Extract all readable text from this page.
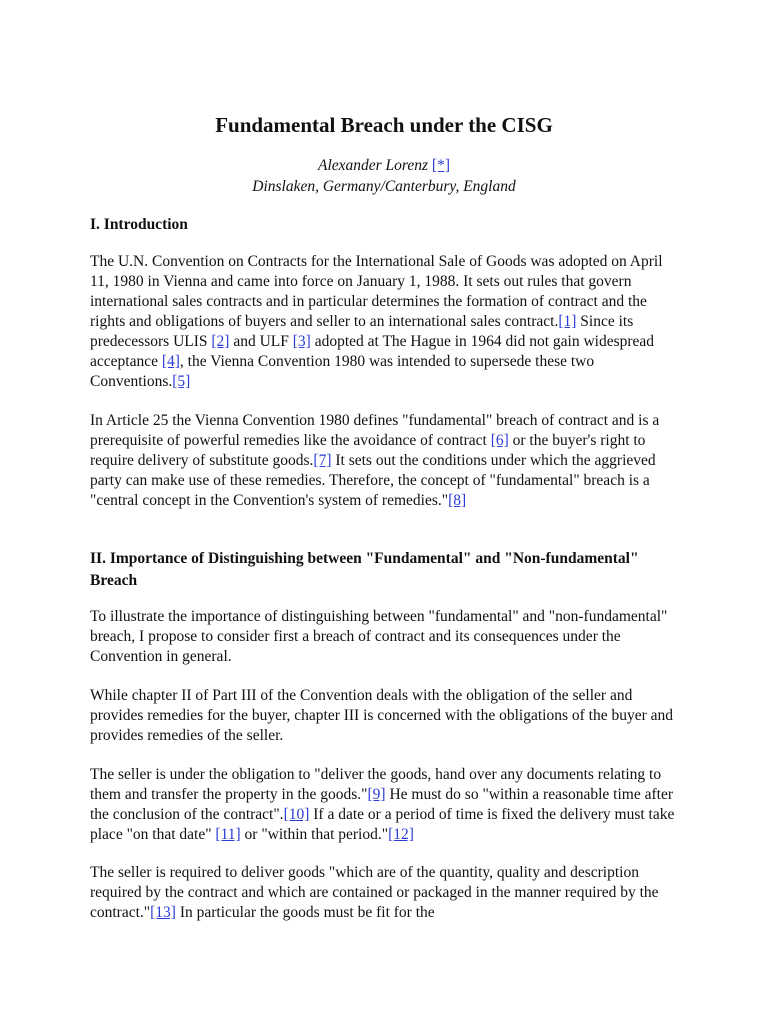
Fundamental Breach under the CISG
Alexander Lorenz [*]
Dinslaken, Germany/Canterbury, England
I. Introduction

The U.N. Convention on Contracts for the International Sale of Goods was adopted on April 11, 1980 in Vienna and came into force on January 1, 1988. It sets out rules that govern international sales contracts and in particular determines the formation of contract and the rights and obligations of buyers and seller to an international sales contract.[1] Since its predecessors ULIS [2] and ULF [3] adopted at The Hague in 1964 did not gain widespread acceptance [4], the Vienna Convention 1980 was intended to supersede these two Conventions.[5]

In Article 25 the Vienna Convention 1980 defines "fundamental" breach of contract and is a prerequisite of powerful remedies like the avoidance of contract [6] or the buyer's right to require delivery of substitute goods.[7] It sets out the conditions under which the aggrieved party can make use of these remedies. Therefore, the concept of "fundamental" breach is a "central concept in the Convention's system of remedies."[8]

II. Importance of Distinguishing between "Fundamental" and "Non-fundamental" Breach

To illustrate the importance of distinguishing between "fundamental" and "non-fundamental" breach, I propose to consider first a breach of contract and its consequences under the Convention in general.

While chapter II of Part III of the Convention deals with the obligation of the seller and provides remedies for the buyer, chapter III is concerned with the obligations of the buyer and provides remedies of the seller.

The seller is under the obligation to "deliver the goods, hand over any documents relating to them and transfer the property in the goods."[9] He must do so "within a reasonable time after the conclusion of the contract".[10] If a date or a period of time is fixed the delivery must take place "on that date" [11] or "within that period."[12]

The seller is required to deliver goods "which are of the quantity, quality and description required by the contract and which are contained or packaged in the manner required by the contract."[13] In particular the goods must be fit for the
